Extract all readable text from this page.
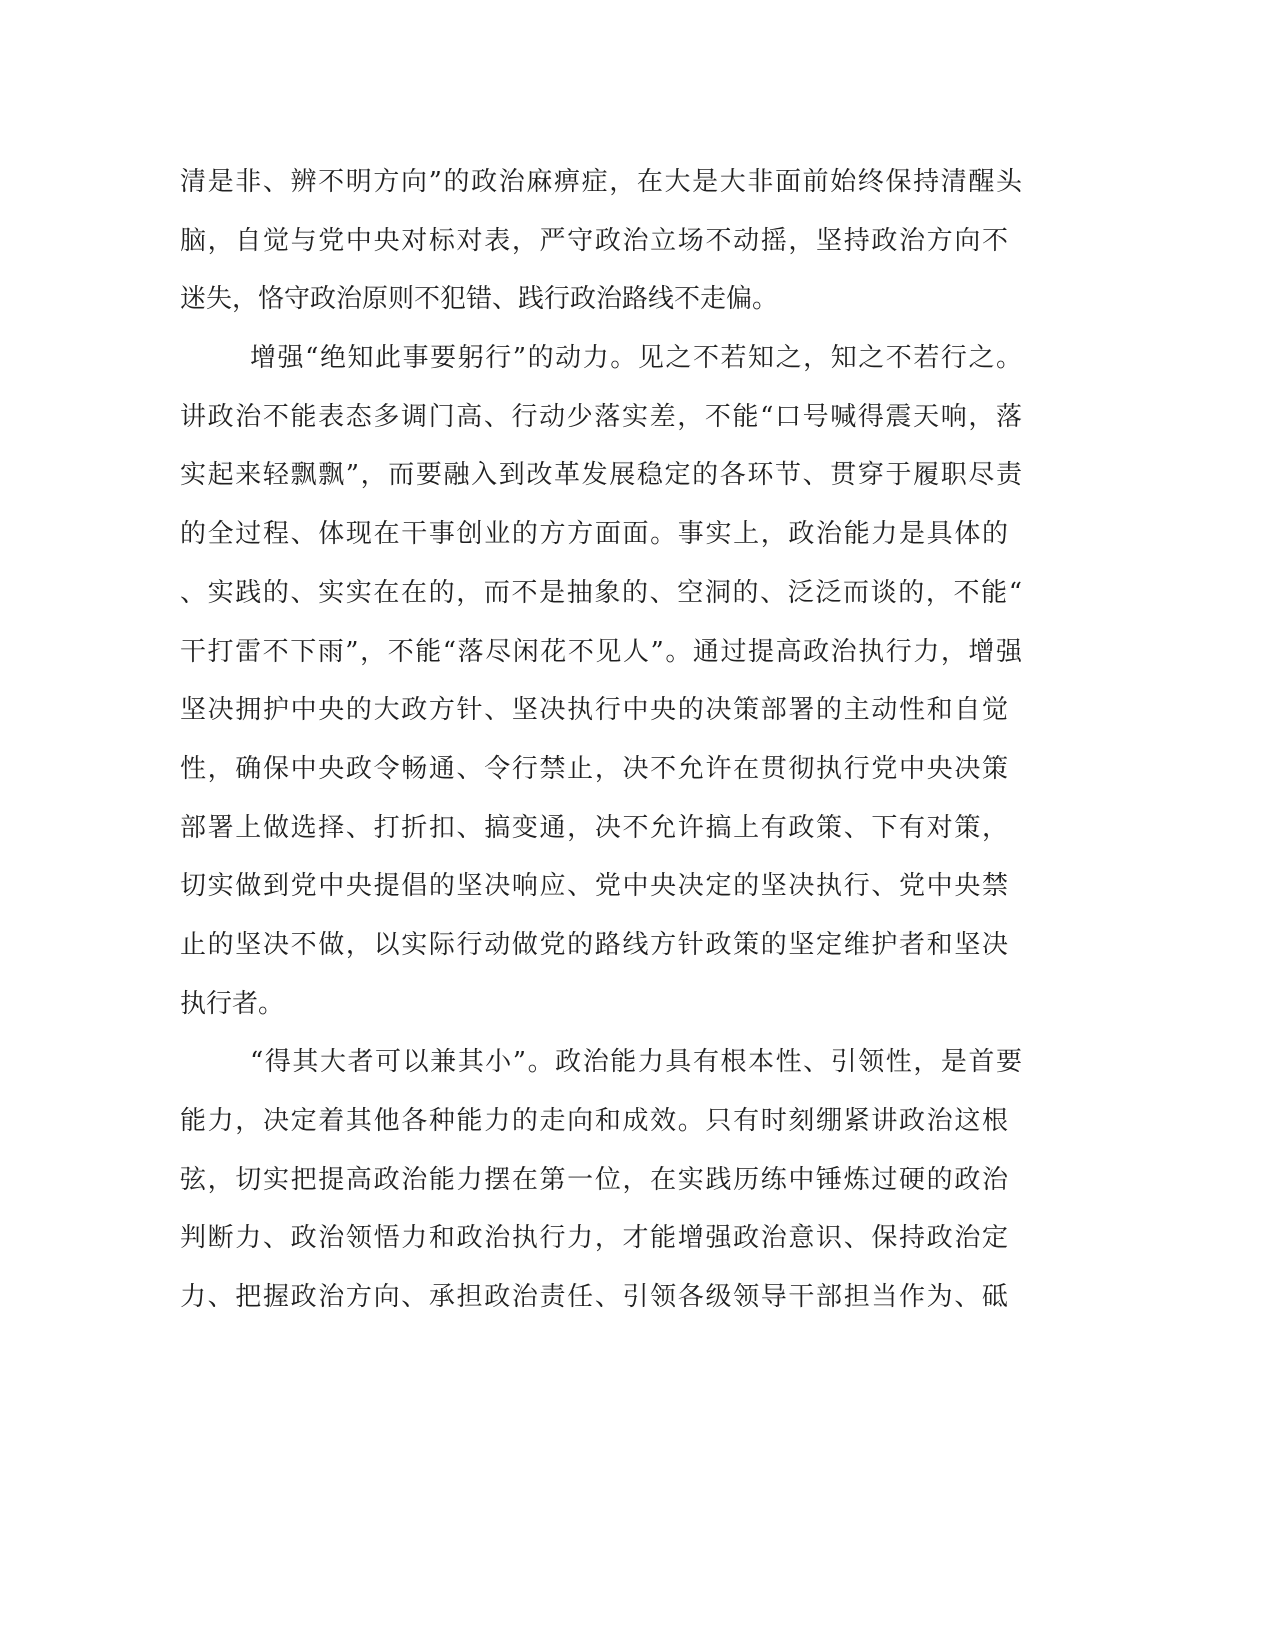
清是非、辨不明方向”的政治麻痹症，在大是大非面前始终保持清醒头
脑，自觉与党中央对标对表，严守政治立场不动摇，坚持政治方向不
迷失，恪守政治原则不犯错、践行政治路线不走偏。
增强“绝知此事要躬行”的动力。见之不若知之，知之不若行之。
讲政治不能表态多调门高、行动少落实差，不能“口号喊得震天响，落
实起来轻飘飘”，而要融入到改革发展稳定的各环节、贯穿于履职尽责
的全过程、体现在干事创业的方方面面。事实上，政治能力是具体的
、实践的、实实在在的，而不是抽象的、空洞的、泛泛而谈的，不能“
干打雷不下雨”，不能“落尽闲花不见人”。通过提高政治执行力，增强
坚决拥护中央的大政方针、坚决执行中央的决策部署的主动性和自觉
性，确保中央政令畅通、令行禁止，决不允许在贯彻执行党中央决策
部署上做选择、打折扣、搞变通，决不允许搞上有政策、下有对策，
切实做到党中央提倡的坚决响应、党中央决定的坚决执行、党中央禁
止的坚决不做，以实际行动做党的路线方针政策的坚定维护者和坚决
执行者。
“得其大者可以兼其小”。政治能力具有根本性、引领性，是首要
能力，决定着其他各种能力的走向和成效。只有时刻绷紧讲政治这根
弦，切实把提高政治能力摆在第一位，在实践历练中锤炼过硬的政治
判断力、政治领悟力和政治执行力，才能增强政治意识、保持政治定
力、把握政治方向、承担政治责任、引领各级领导干部担当作为、砥
